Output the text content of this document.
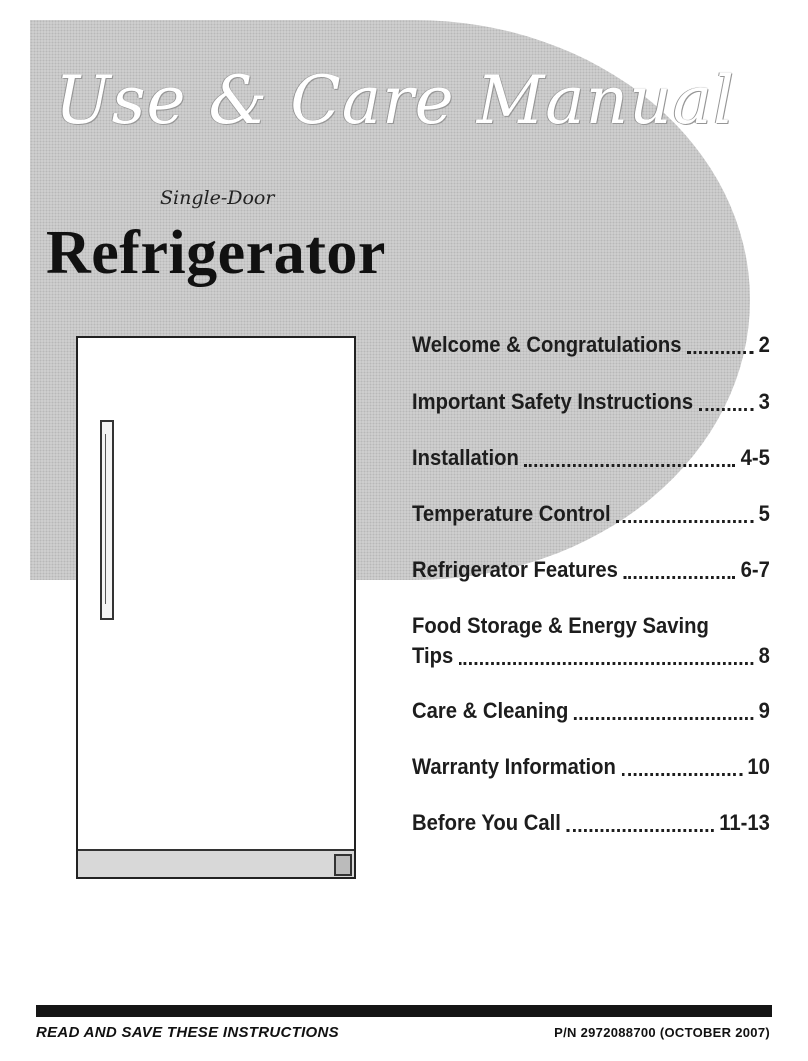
Use & Care Manual
Single-Door
Refrigerator
Welcome & Congratulations	2
Important Safety Instructions	3
Installation	4-5
Temperature Control	5
Refrigerator Features	6-7
Food Storage & Energy Saving
Tips	8
Care & Cleaning	9
Warranty Information	10
Before You Call	11-13
READ AND SAVE THESE INSTRUCTIONS	P/N 2972088700 (OCTOBER 2007)
